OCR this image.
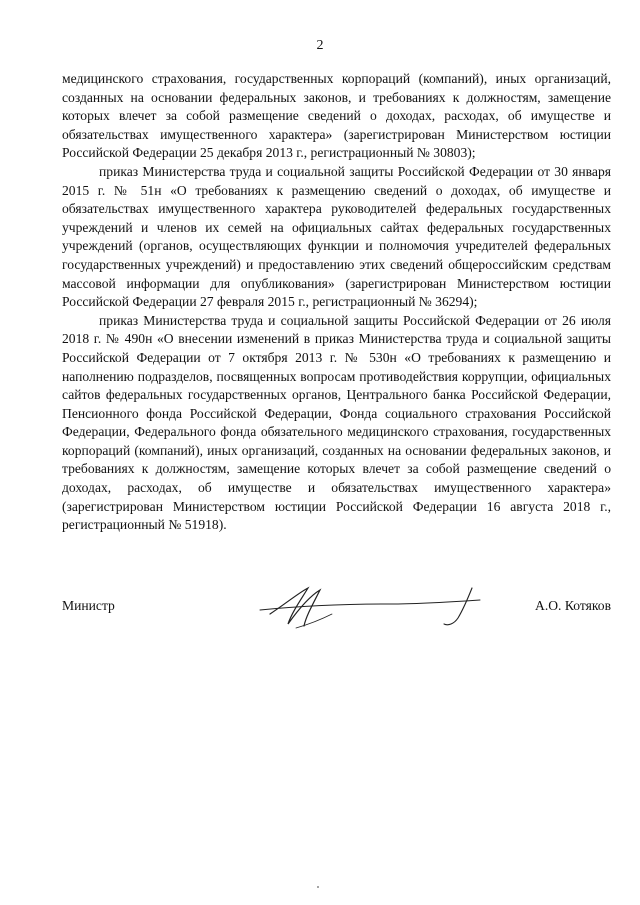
2

медицинского страхования, государственных корпораций (компаний), иных организаций, созданных на основании федеральных законов, и требованиях к должностям, замещение которых влечет за собой размещение сведений о доходах, расходах, об имуществе и обязательствах имущественного характера» (зарегистрирован Министерством юстиции Российской Федерации 25 декабря 2013 г., регистрационный № 30803);

приказ Министерства труда и социальной защиты Российской Федерации от 30 января 2015 г. № 51н «О требованиях к размещению сведений о доходах, об имуществе и обязательствах имущественного характера руководителей федеральных государственных учреждений и членов их семей на официальных сайтах федеральных государственных учреждений (органов, осуществляющих функции и полномочия учредителей федеральных государственных учреждений) и предоставлению этих сведений общероссийским средствам массовой информации для опубликования» (зарегистрирован Министерством юстиции Российской Федерации 27 февраля 2015 г., регистрационный № 36294);

приказ Министерства труда и социальной защиты Российской Федерации от 26 июля 2018 г. № 490н «О внесении изменений в приказ Министерства труда и социальной защиты Российской Федерации от 7 октября 2013 г. № 530н «О требованиях к размещению и наполнению подразделов, посвященных вопросам противодействия коррупции, официальных сайтов федеральных государственных органов, Центрального банка Российской Федерации, Пенсионного фонда Российской Федерации, Фонда социального страхования Российской Федерации, Федерального фонда обязательного медицинского страхования, государственных корпораций (компаний), иных организаций, созданных на основании федеральных законов, и требованиях к должностям, замещение которых влечет за собой размещение сведений о доходах, расходах, об имуществе и обязательствах имущественного характера» (зарегистрирован Министерством юстиции Российской Федерации 16 августа 2018 г., регистрационный № 51918).

Министр	А.О. Котяков
